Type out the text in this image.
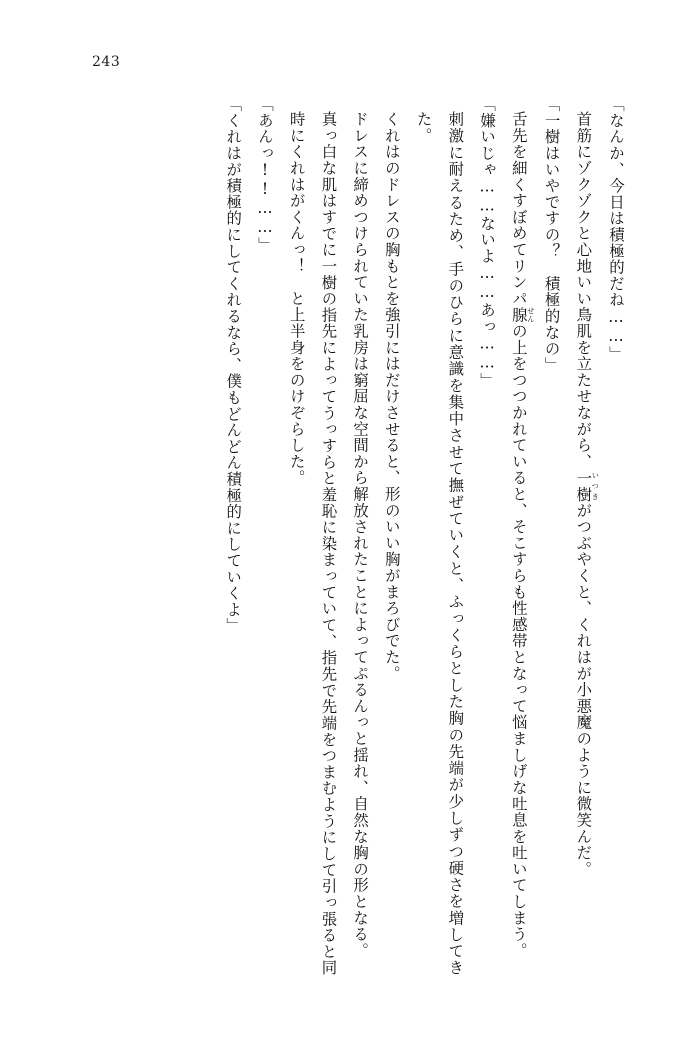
243

「なんか、今日は積極的だね……」

首筋にゾクゾクと心地いい鳥肌を立たせながら、一樹いつきがつぶやくと、くれはが小悪魔のように微笑んだ。

「一樹はいやですの？　積極的なの」

舌先を細くすぼめてリンパ腺せんの上をつつかれていると、そこすらも性感帯となって悩ましげな吐息を吐いてしまう。

「嫌いじゃ……ないよ……あっ……」

刺激に耐えるため、手のひらに意識を集中させて撫ぜていくと、ふっくらとした胸の先端が少しずつ硬さを増してきた。

くれはのドレスの胸もとを強引にはだけさせると、形のいい胸がまろびでた。

ドレスに締めつけられていた乳房は窮屈な空間から解放されたことによってぷるんっと揺れ、自然な胸の形となる。

真っ白な肌はすでに一樹の指先によってうっすらと羞恥に染まっていて、指先で先端をつまむようにして引っ張ると同時にくれはがくんっ！　と上半身をのけぞらした。

「あんっ!!……」

「くれはが積極的にしてくれるなら、僕もどんどん積極的にしていくよ」
